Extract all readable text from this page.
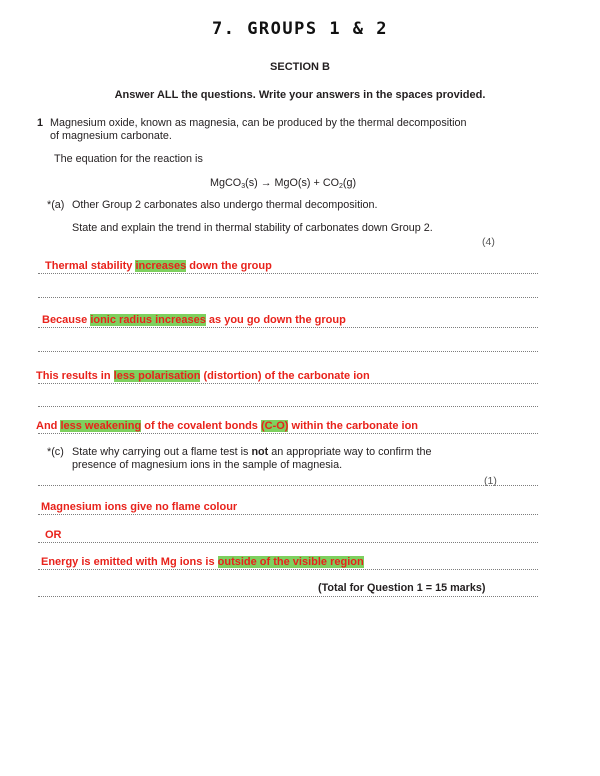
7. GROUPS 1 & 2
SECTION B
Answer ALL the questions. Write your answers in the spaces provided.
1 Magnesium oxide, known as magnesia, can be produced by the thermal decomposition
of magnesium carbonate.
The equation for the reaction is
MgCO$_3$(s) → $MgO(s) + CO_2(g)$
*(a) Other Group 2 carbonates also undergo thermal decomposition.
State and explain the trend in thermal stability of carbonates down Group 2.
(4)
Thermal stability increases down the group
Because ionic radius increases as you go down the group
This results in less polarisation (distortion) of the carbonate ion
And less weakening of the covalent bonds (C-O) within the carbonate ion
*(c) State why carrying out a flame test is not an appropriate way to confirm the
presence of magnesium ions in the sample of magnesia.
(1)
Magnesium ions give no flame colour
OR
Energy is emitted with Mg ions is outside of the visible region
(Total for Question 1 = 15 marks)
